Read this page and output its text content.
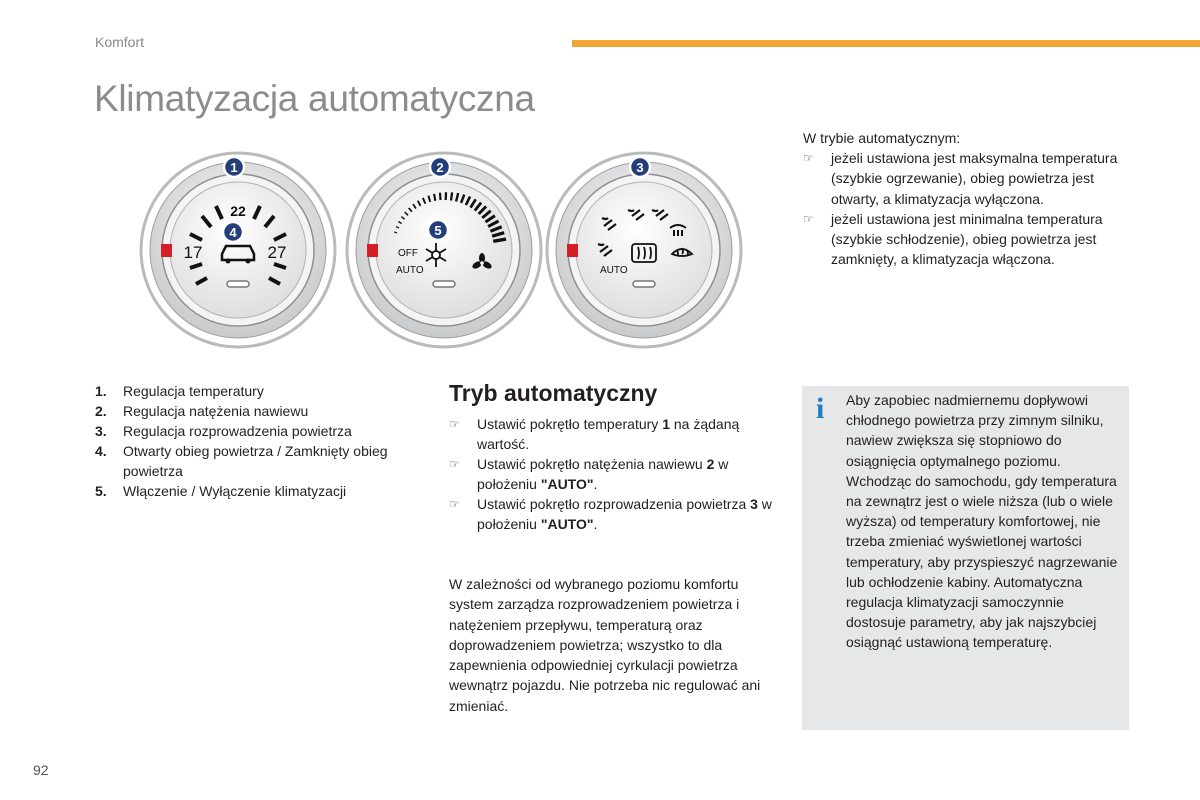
Komfort
Klimatyzacja automatyczna
22
17	27
1
4
OFF
AUTO
2
5
AUTO
3
1.	Regulacja temperatury
2.	Regulacja natężenia nawiewu
3.	Regulacja rozprowadzenia powietrza
4.	Otwarty obieg powietrza / Zamknięty obieg powietrza
5.	Włączenie / Wyłączenie klimatyzacji
Tryb automatyczny
☞	Ustawić pokrętło temperatury 1 na żądaną wartość.
☞	Ustawić pokrętło natężenia nawiewu 2 w położeniu "AUTO".
☞	Ustawić pokrętło rozprowadzenia powietrza 3 w położeniu "AUTO".

W zależności od wybranego poziomu komfortu system zarządza rozprowadzeniem powietrza i natężeniem przepływu, temperaturą oraz doprowadzeniem powietrza; wszystko to dla zapewnienia odpowiedniej cyrkulacji powietrza wewnątrz pojazdu. Nie potrzeba nic regulować ani zmieniać.

W trybie automatycznym:
☞	jeżeli ustawiona jest maksymalna temperatura (szybkie ogrzewanie), obieg powietrza jest otwarty, a klimatyzacja wyłączona.
☞	jeżeli ustawiona jest minimalna temperatura (szybkie schłodzenie), obieg powietrza jest zamknięty, a klimatyzacja włączona.
i Aby zapobiec nadmiernemu dopływowi chłodnego powietrza przy zimnym silniku, nawiew zwiększa się stopniowo do osiągnięcia optymalnego poziomu. Wchodząc do samochodu, gdy temperatura na zewnątrz jest o wiele niższa (lub o wiele wyższa) od temperatury komfortowej, nie trzeba zmieniać wyświetlonej wartości temperatury, aby przyspieszyć nagrzewanie lub ochłodzenie kabiny. Automatyczna regulacja klimatyzacji samoczynnie dostosuje parametry, aby jak najszybciej osiągnąć ustawioną temperaturę.

92
